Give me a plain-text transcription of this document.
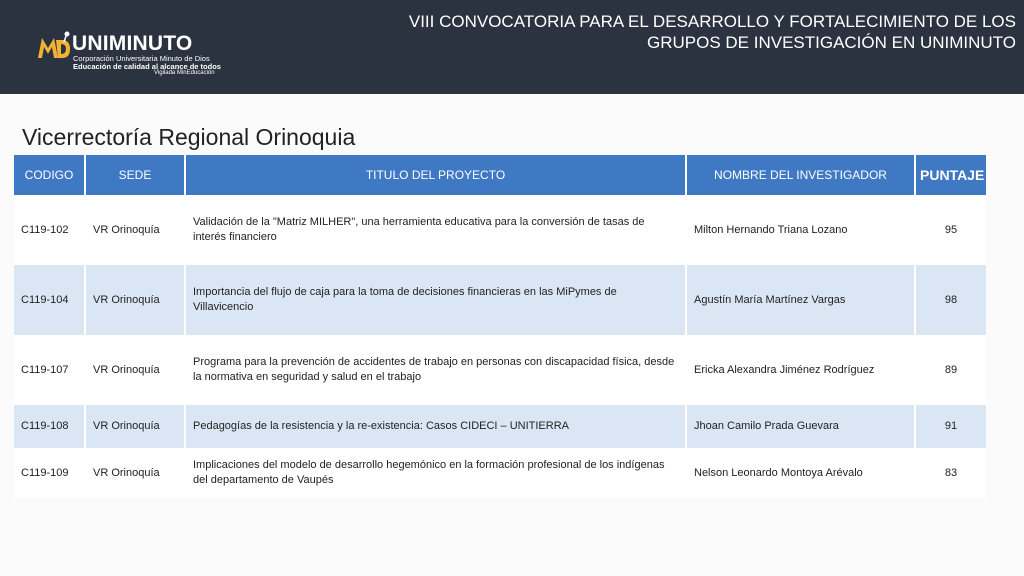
UNIMINUTO
Corporación Universitaria Minuto de Dios
Educación de calidad al alcance de todos
Vigilada MinEducación
VIII CONVOCATORIA PARA EL DESARROLLO Y FORTALECIMIENTO DE LOS
GRUPOS DE INVESTIGACIÓN EN UNIMINUTO
Vicerrectoría Regional Orinoquia
CODIGO	SEDE	TITULO DEL PROYECTO	NOMBRE DEL INVESTIGADOR	PUNTAJE
C119-102	VR Orinoquía	Validación de la "Matriz MILHER", una herramienta educativa para la conversión de tasas de interés financiero	Milton Hernando Triana Lozano	95
C119-104	VR Orinoquía	Importancia del flujo de caja para la toma de decisiones financieras en las MiPymes de Villavicencio	Agustín María Martínez Vargas	98
C119-107	VR Orinoquía	Programa para la prevención de accidentes de trabajo en personas con discapacidad física, desde la normativa en seguridad y salud en el trabajo	Ericka Alexandra Jiménez Rodríguez	89
C119-108	VR Orinoquía	Pedagogías de la resistencia y la re-existencia: Casos CIDECI – UNITIERRA	Jhoan Camilo Prada Guevara	91
C119-109	VR Orinoquía	Implicaciones del modelo de desarrollo hegemónico en la formación profesional de los indígenas del departamento de Vaupés	Nelson Leonardo Montoya Arévalo	83
